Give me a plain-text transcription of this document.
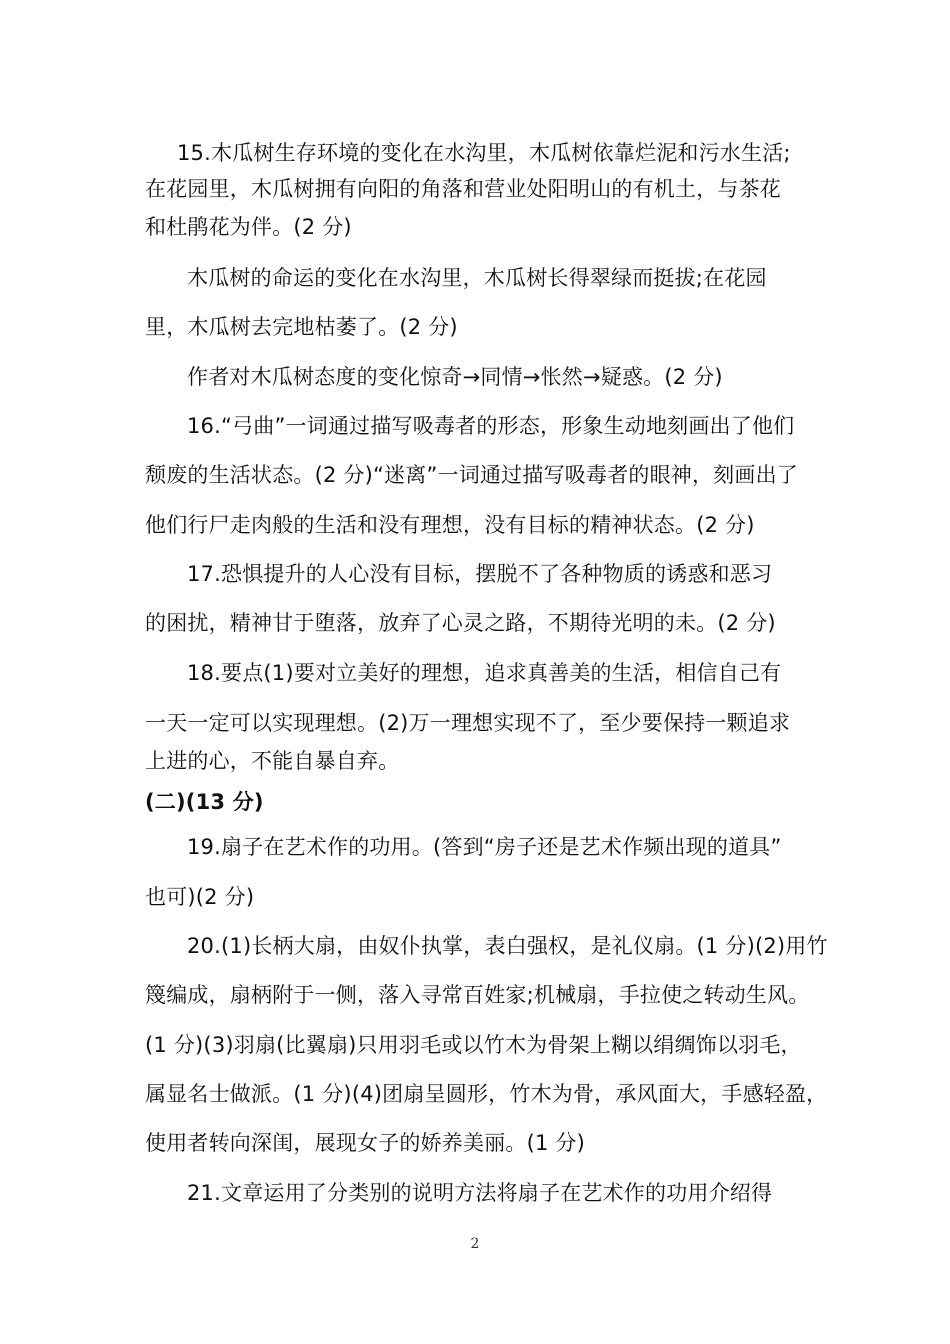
15.木瓜树生存环境的变化在水沟里，木瓜树依靠烂泥和污水生活;
在花园里，木瓜树拥有向阳的角落和营业处阳明山的有机土，与茶花
和杜鹃花为伴。(2 分)
木瓜树的命运的变化在水沟里，木瓜树长得翠绿而挺拔;在花园
里，木瓜树去完地枯萎了。(2 分)
作者对木瓜树态度的变化惊奇→同情→怅然→疑惑。(2 分)
16.“弓曲”一词通过描写吸毒者的形态，形象生动地刻画出了他们
颓废的生活状态。(2 分)“迷离”一词通过描写吸毒者的眼神，刻画出了
他们行尸走肉般的生活和没有理想，没有目标的精神状态。(2 分)
17.恐惧提升的人心没有目标，摆脱不了各种物质的诱惑和恶习
的困扰，精神甘于堕落，放弃了心灵之路，不期待光明的未。(2 分)
18.要点(1)要对立美好的理想，追求真善美的生活，相信自己有
一天一定可以实现理想。(2)万一理想实现不了，至少要保持一颗追求
上进的心，不能自暴自弃。
(二)(13 分)
19.扇子在艺术作的功用。(答到“房子还是艺术作频出现的道具”
也可)(2 分)
20.(1)长柄大扇，由奴仆执掌，表白强权，是礼仪扇。(1 分)(2)用竹
篾编成，扇柄附于一侧，落入寻常百姓家;机械扇，手拉使之转动生风。
(1 分)(3)羽扇(比翼扇)只用羽毛或以竹木为骨架上糊以绢绸饰以羽毛，
属显名士做派。(1 分)(4)团扇呈圆形，竹木为骨，承风面大，手感轻盈，
使用者转向深闺，展现女子的娇养美丽。(1 分)
21.文章运用了分类别的说明方法将扇子在艺术作的功用介绍得
2
